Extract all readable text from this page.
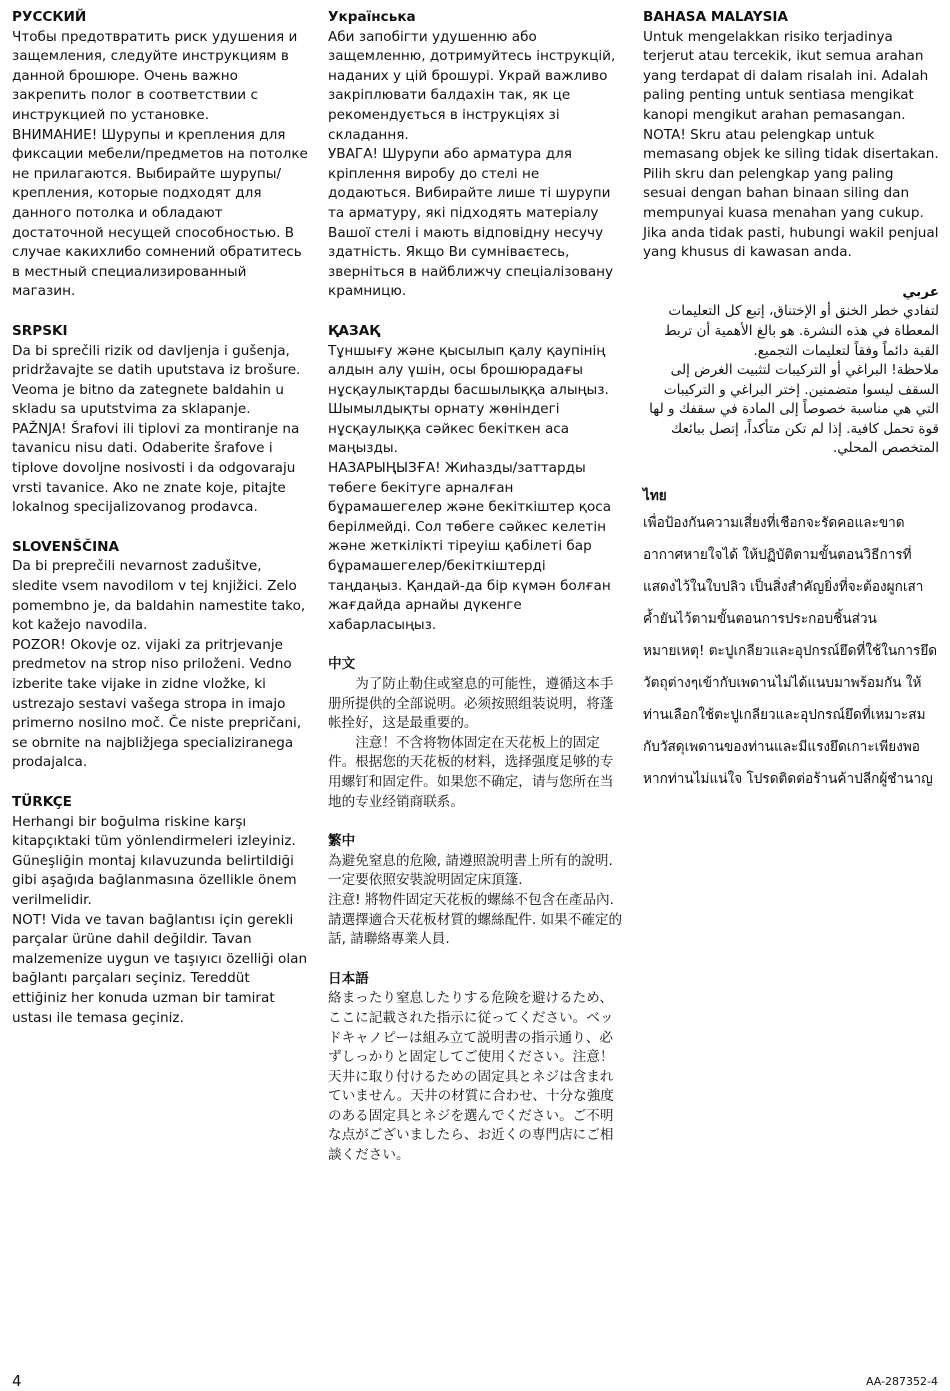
РУССКИЙ

Чтобы предотвратить риск удушения и защемления, следуйте инструкциям в данной брошюре. Очень важно закрепить полог в соответствии с инструкцией по установке.

ВНИМАНИЕ! Шурупы и крепления для фиксации мебели/предметов на потолке не прилагаются. Выбирайте шурупы/крепления, которые подходят для данного потолка и обладают достаточной несущей способностью. В случае какихлибо сомнений обратитесь в местный специализированный магазин.

SRPSKI

Da bi sprečili rizik od davljenja i gušenja, pridržavajte se datih uputstava iz brošure. Veoma je bitno da zategnete baldahin u skladu sa uputstvima za sklapanje.

PAŽNJA! Šrafovi ili tiplovi za montiranje na tavanicu nisu dati. Odaberite šrafove i tiplove dovoljne nosivosti i da odgovaraju vrsti tavanice. Ako ne znate koje, pitajte lokalnog specijalizovanog prodavca.

SLOVENŠČINA

Da bi preprečili nevarnost zadušitve, sledite vsem navodilom v tej knjižici. Zelo pomembno je, da baldahin namestite tako, kot kažejo navodila.

POZOR! Okovje oz. vijaki za pritrjevanje predmetov na strop niso priloženi. Vedno izberite take vijake in zidne vložke, ki ustrezajo sestavi vašega stropa in imajo primerno nosilno moč. Če niste prepričani, se obrnite na najbližjega specializiranega prodajalca.

TÜRKÇE

Herhangi bir boğulma riskine karşı kitapçıktaki tüm yönlendirmeleri izleyiniz. Güneşliğin montaj kılavuzunda belirtildiği gibi aşağıda bağlanmasına özellikle önem verilmelidir.

NOT! Vida ve tavan bağlantısı için gerekli parçalar ürüne dahil değildir. Tavan malzemenize uygun ve taşıyıcı özelliği olan bağlantı parçaları seçiniz. Tereddüt ettiğiniz her konuda uzman bir tamirat ustası ile temasa geçiniz.

Українська

Аби запобігти удушенню або защемленню, дотримуйтесь інструкцій, наданих у цій брошурі. Украй важливо закріплювати балдахін так, як це рекомендується в інструкціях зі складання.

УВАГА! Шурупи або арматура для кріплення виробу до стелі не додаються. Вибирайте лише ті шурупи та арматуру, які підходять матеріалу Вашої стелі і мають відповідну несучу здатність. Якщо Ви сумніваєтесь, зверніться в найближчу спеціалізовану крамницю.

ҚАЗАҚ

Тұншығу және қысылып қалу қаупінің алдын алу үшін, осы брошюрадағы нұсқаулықтарды басшылыққа алыңыз. Шымылдықты орнату жөніндегі нұсқаулыққа сәйкес бекіткен аса маңызды.

НАЗАРЫҢЫЗҒА! Жиһазды/заттарды төбеге бекітуге арналған бұрамашегелер және бекіткіштер қоса берілмейді. Сол төбеге сәйкес келетін және жеткілікті тіреуіш қабілеті бар бұрамашегелер/бекіткіштерді таңдаңыз. Қандай-да бір күмән болған жағдайда арнайы дүкенге хабарласыңыз.

中文

为了防止勒住或窒息的可能性，遵循这本手册所提供的全部说明。必须按照组装说明，将蓬帐拴好，这是最重要的。

注意！不含将物体固定在天花板上的固定件。根据您的天花板的材料，选择强度足够的专用螺钉和固定件。如果您不确定，请与您所在当地的专业经销商联系。

繁中

為避免窒息的危險, 請遵照說明書上所有的說明. 一定要依照安裝說明固定床頂篷.

注意! 將物件固定天花板的螺絲不包含在產品內. 請選擇適合天花板材質的螺絲配件. 如果不確定的話, 請聯絡專業人員.

日本語

絡まったり窒息したりする危険を避けるため、ここに記載された指示に従ってください。ベッドキャノピーは組み立て説明書の指示通り、必ずしっかりと固定してご使用ください。注意！天井に取り付けるための固定具とネジは含まれていません。天井の材質に合わせ、十分な強度のある固定具とネジを選んでください。ご不明な点がございましたら、お近くの専門店にご相談ください。

BAHASA MALAYSIA

Untuk mengelakkan risiko terjadinya terjerut atau tercekik, ikut semua arahan yang terdapat di dalam risalah ini. Adalah paling penting untuk sentiasa mengikat kanopi mengikut arahan pemasangan.

NOTA! Skru atau pelengkap untuk memasang objek ke siling tidak disertakan. Pilih skru dan pelengkap yang paling sesuai dengan bahan binaan siling dan mempunyai kuasa menahan yang cukup. Jika anda tidak pasti, hubungi wakil penjual yang khusus di kawasan anda.

عربي

لتفادي خطر الخنق أو الإختناق، إتبع كل التعليمات المعطاة في هذه النشرة. هو بالغ الأهمية أن تربط القبة دائماً وفقاً لتعليمات التجميع.

ملاحظة! البراغي أو التركيبات لتثبيت الغرض إلى السقف ليسوا متضمنين. إختر البراغي و التركيبات التي هي مناسبة خصوصاً إلى المادة في سقفك و لها قوة تحمل كافية. إذا لم تكن متأكداً، إتصل ببائعك المتخصص المحلي.

ไทย

เพื่อป้องกันความเสี่ยงที่เชือกจะรัดคอและขาดอากาศหายใจได้ ให้ปฏิบัติตามขั้นตอนวิธีการที่แสดงไว้ในใบปลิว เป็นสิ่งสำคัญยิ่งที่จะต้องผูกเสาค้ำยันไว้ตามขั้นตอนการประกอบชิ้นส่วน

หมายเหตุ! ตะปูเกลียวและอุปกรณ์ยึดที่ใช้ในการยึดวัตถุต่างๆเข้ากับเพดานไม่ได้แนบมาพร้อมกัน ให้ท่านเลือกใช้ตะปูเกลียวและอุปกรณ์ยึดที่เหมาะสมกับวัสดุเพดานของท่านและมีแรงยึดเกาะเพียงพอ หากท่านไม่แน่ใจ โปรดติดต่อร้านค้าปลีกผู้ชำนาญ

4	AA-287352-4
